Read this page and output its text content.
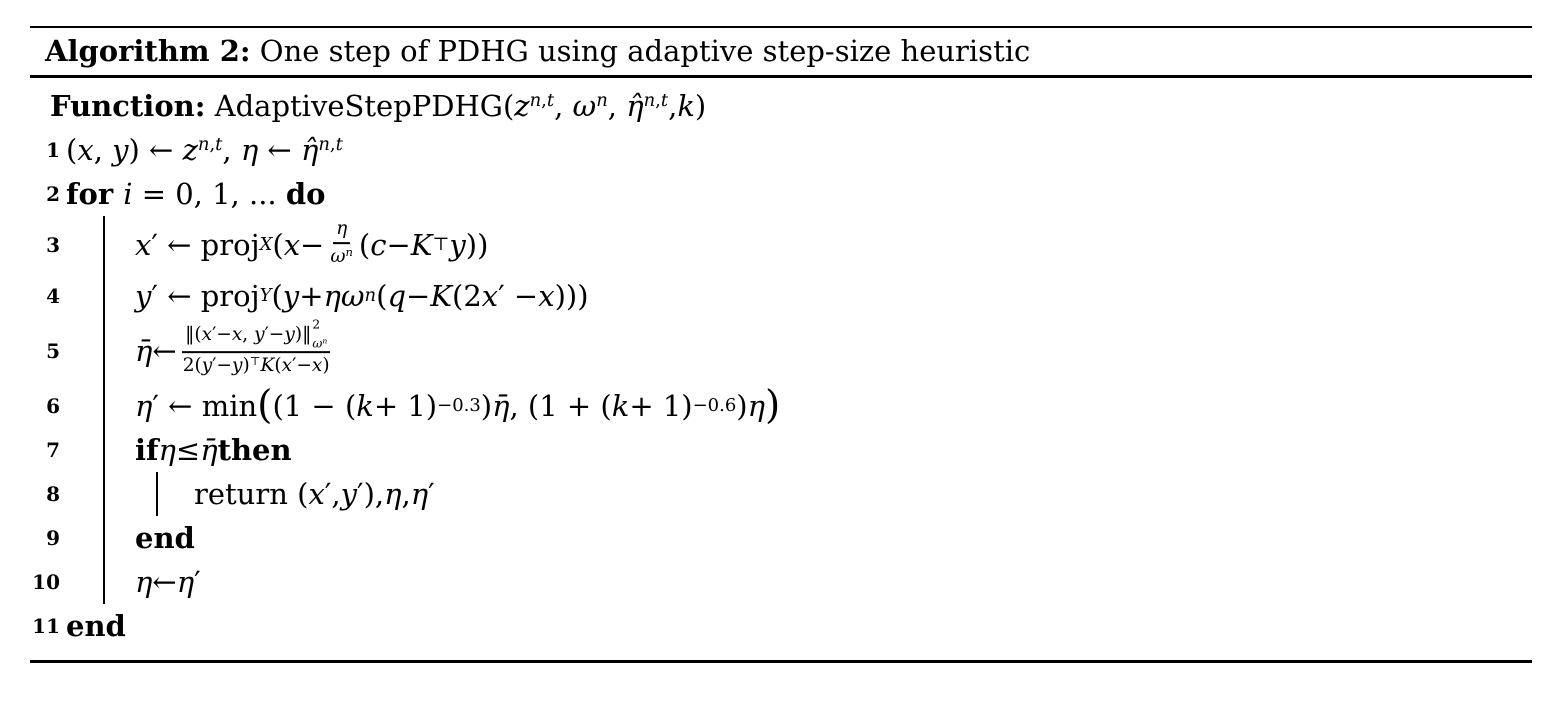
Algorithm 2: One step of PDHG using adaptive step-size heuristic
Function: $AdaptiveStepPDHG(z^{n,t}$, $\omega^n$, η̂$^{n,t}$,k)
1 (x, y) ← $z^{n,t}$, η ← η̂$^{n,t}$
2 for i = 0, 1, ... do
3	x ′ ← proj X ( $x - \frac{\eta}{\omega^n}$ ( c − K ⊤ y ))
4	y ′ ← proj Y ( y + ηω n ( q − K (2 x ′ − x )))
5	η̄ ← ‖(x′−x, y′−y)‖ 2
$\omega^n$
2(y′−y)⊤K(x′−x)
6	η ′ ← min ( (1 − ( k + 1) −0.3 ) η̄ , (1 + ( k + 1) −0.6 ) η )
7	if η ≤ η̄ then
8	return ( x ′, y ′), η , η ′
9	end
10	η ← η ′
11 end
